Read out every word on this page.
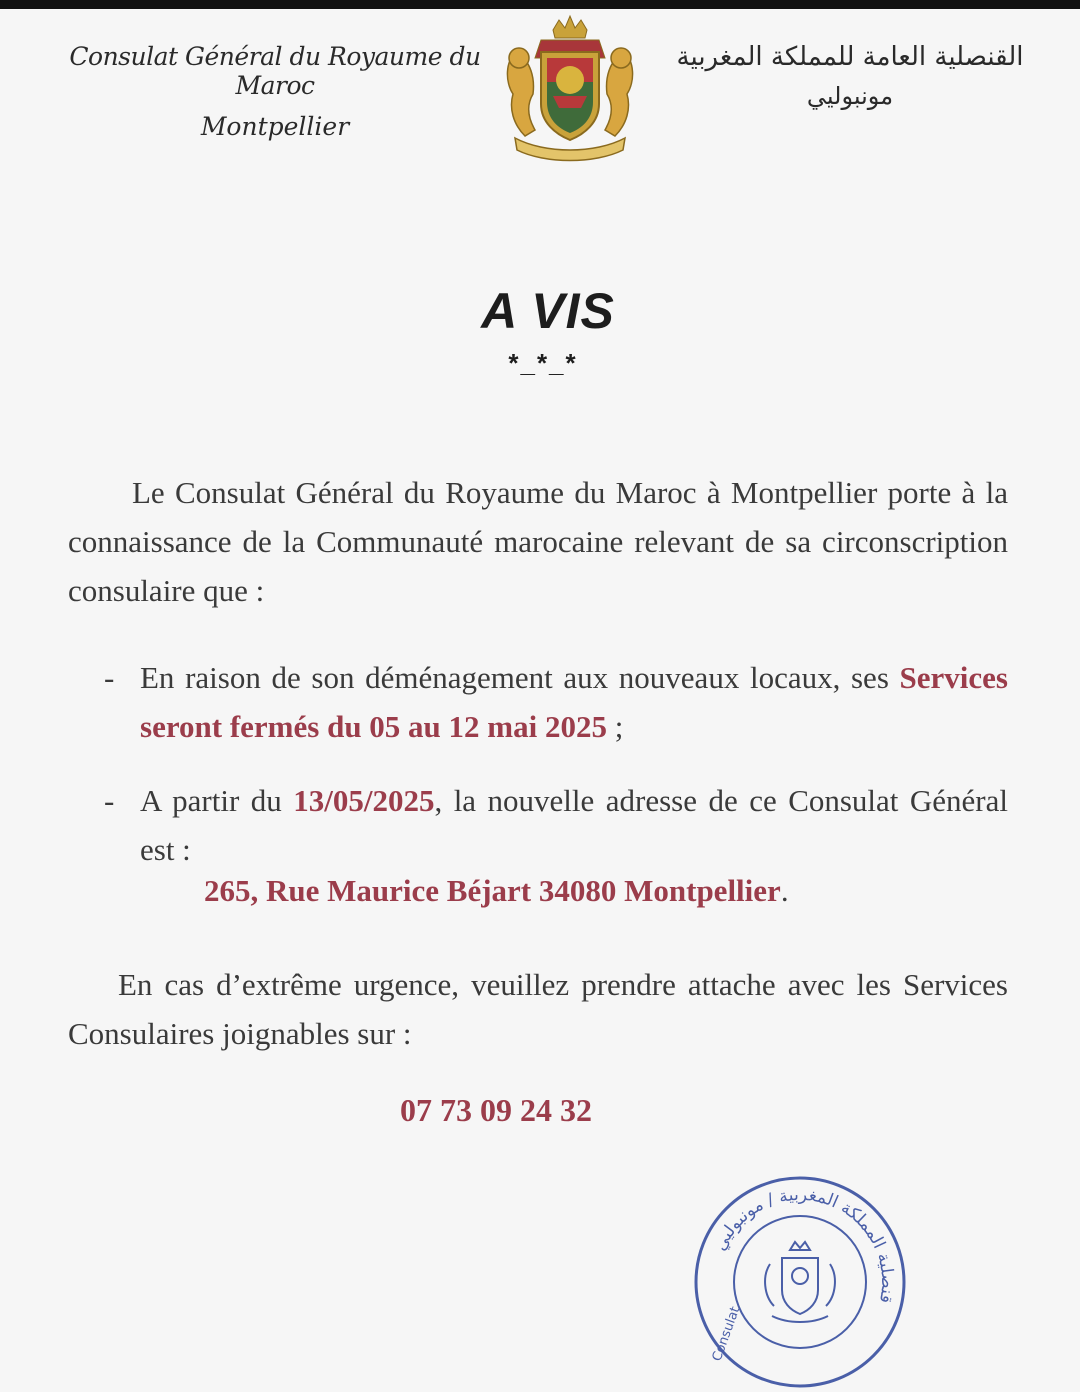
Consulat Général du Royaume du Maroc
Montpellier
القنصلية العامة للمملكة المغربية
مونبوليي
A VIS
*_*_*
Le Consulat Général du Royaume du Maroc à Montpellier porte à la connaissance de la Communauté marocaine relevant de sa circonscription consulaire que :
- En raison de son déménagement aux nouveaux locaux, ses Services seront fermés du 05 au 12 mai 2025 ;
- A partir du 13/05/2025, la nouvelle adresse de ce Consulat Général est :
265, Rue Maurice Béjart 34080 Montpellier.
En cas d’extrême urgence, veuillez prendre attache avec les Services Consulaires joignables sur :
07 73 09 24 32
قنصلية المملكة المغربية / مونبوليي
Consulat
